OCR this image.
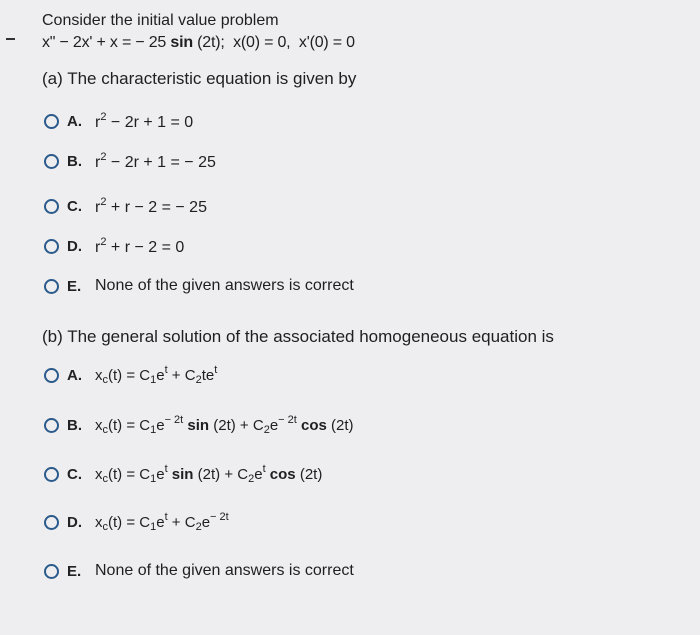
Consider the initial value problem
x" − 2x' + x = − 25 sin (2t);  x(0) = 0,  x'(0) = 0
(a) The characteristic equation is given by
A. $r^2 - 2r + 1 = 0$
B. $r^2 - 2r + 1$ = − 25
C. $r^2 + r - 2$ = − 25
D. $r^2 + r - 2 = 0$
E. None of the given answers is correct
(b) The general solution of the associated homogeneous equation is
A. $x_c(t) = C_1e^t + C_2te^t$
B. $x_c(t) = C_1e^{- 2t}$ $\sin (2t) + C_2e^{- 2t}$ cos (2t)
C. $x_c(t) = C_1e^t$ $\sin (2t) + C_2e^t$ cos (2t)
D. $x_c(t) = C_1e^t + C_2e^{- 2t}$
E. None of the given answers is correct
